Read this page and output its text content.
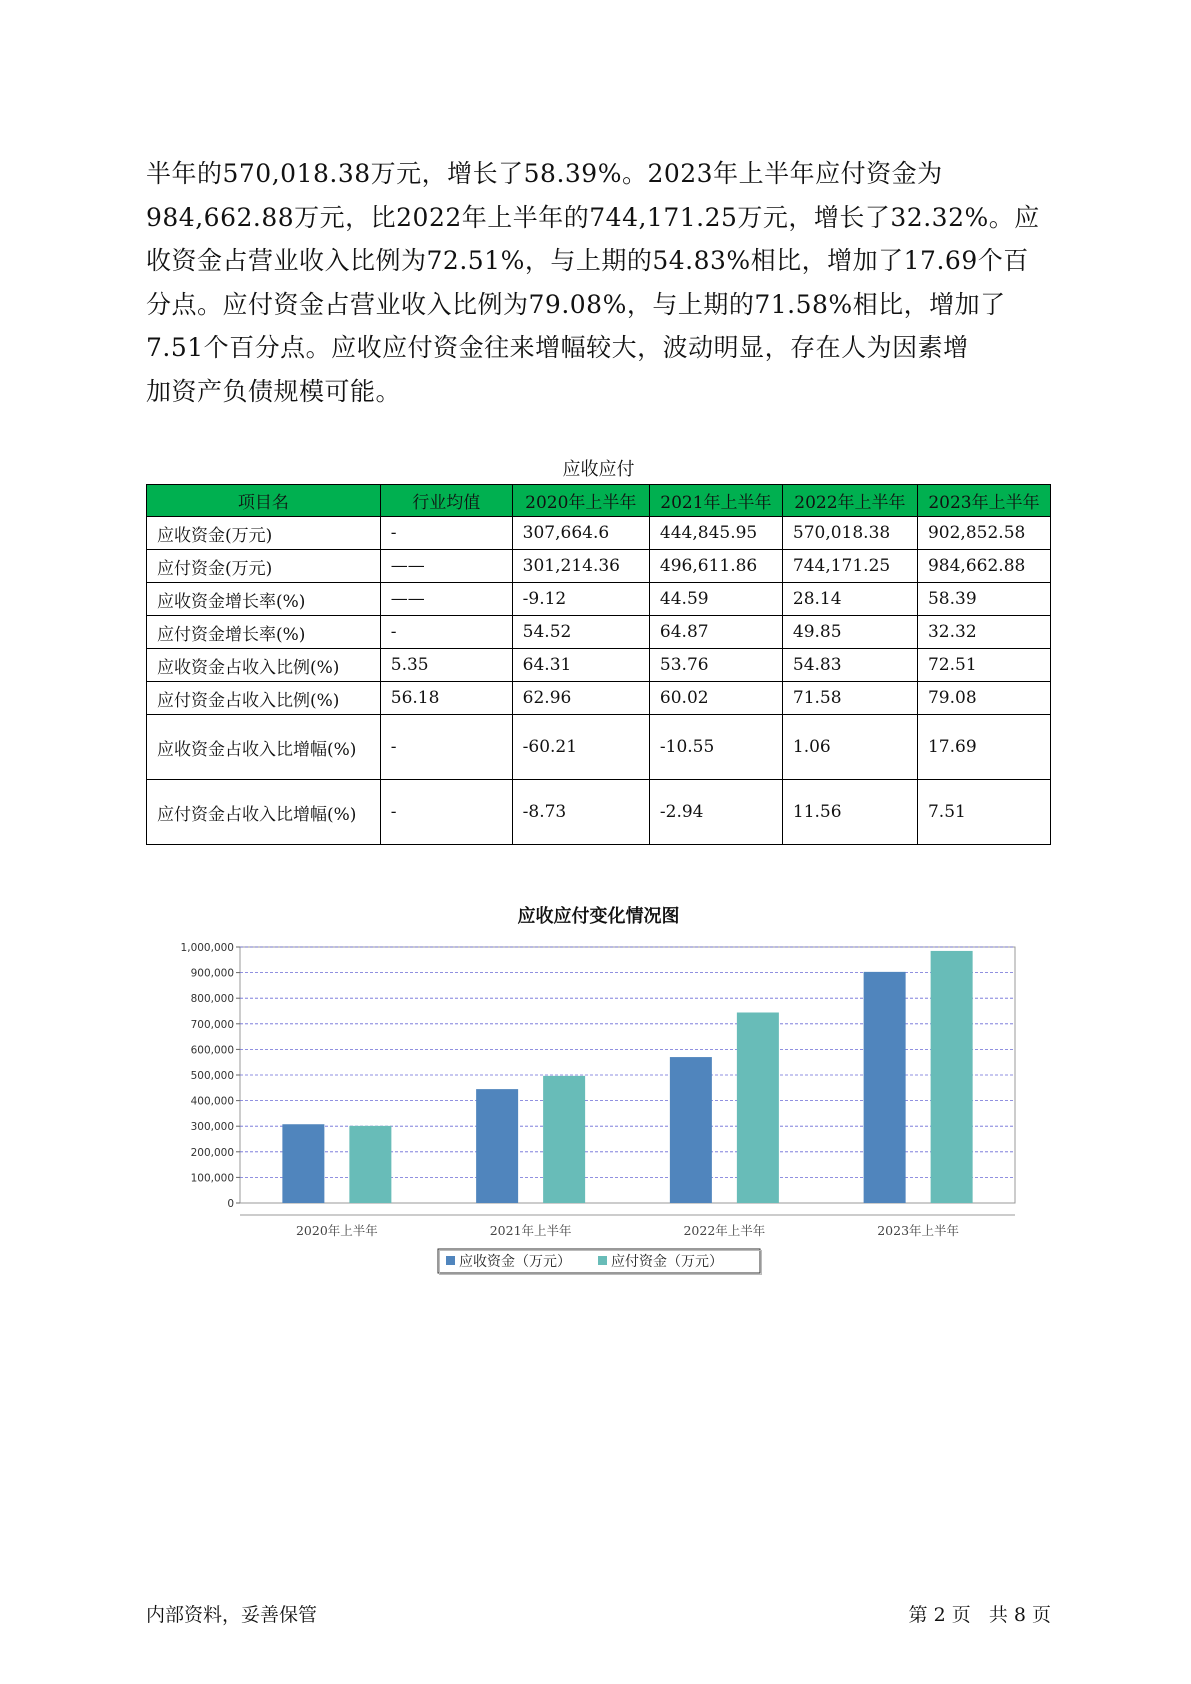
半年的570,018.38万元，增长了58.39%。2023年上半年应付资金为
984,662.88万元，比2022年上半年的744,171.25万元，增长了32.32%。应
收资金占营业收入比例为72.51%，与上期的54.83%相比，增加了17.69个百
分点。应付资金占营业收入比例为79.08%，与上期的71.58%相比，增加了
7.51个百分点。应收应付资金往来增幅较大，波动明显，存在人为因素增
加资产负债规模可能。
应收应付
项目名	行业均值	2020年上半年	2021年上半年	2022年上半年	2023年上半年
应收资金(万元)	-	307,664.6	444,845.95	570,018.38	902,852.58
应付资金(万元)	——	301,214.36	496,611.86	744,171.25	984,662.88
应收资金增长率(%)	——	-9.12	44.59	28.14	58.39
应付资金增长率(%)	-	54.52	64.87	49.85	32.32
应收资金占收入比例(%)	5.35	64.31	53.76	54.83	72.51
应付资金占收入比例(%)	56.18	62.96	60.02	71.58	79.08
应收资金占收入比增幅(%)	-	-60.21	-10.55	1.06	17.69
应付资金占收入比增幅(%)	-	-8.73	-2.94	11.56	7.51
应收应付变化情况图
0
100,000
200,000
300,000
400,000
500,000
600,000
700,000
800,000
900,000
1,000,000
2020年上半年	2021年上半年	2022年上半年	2023年上半年
应收资金（万元）	应付资金（万元）
内部资料，妥善保管	第 2 页   共 8 页
